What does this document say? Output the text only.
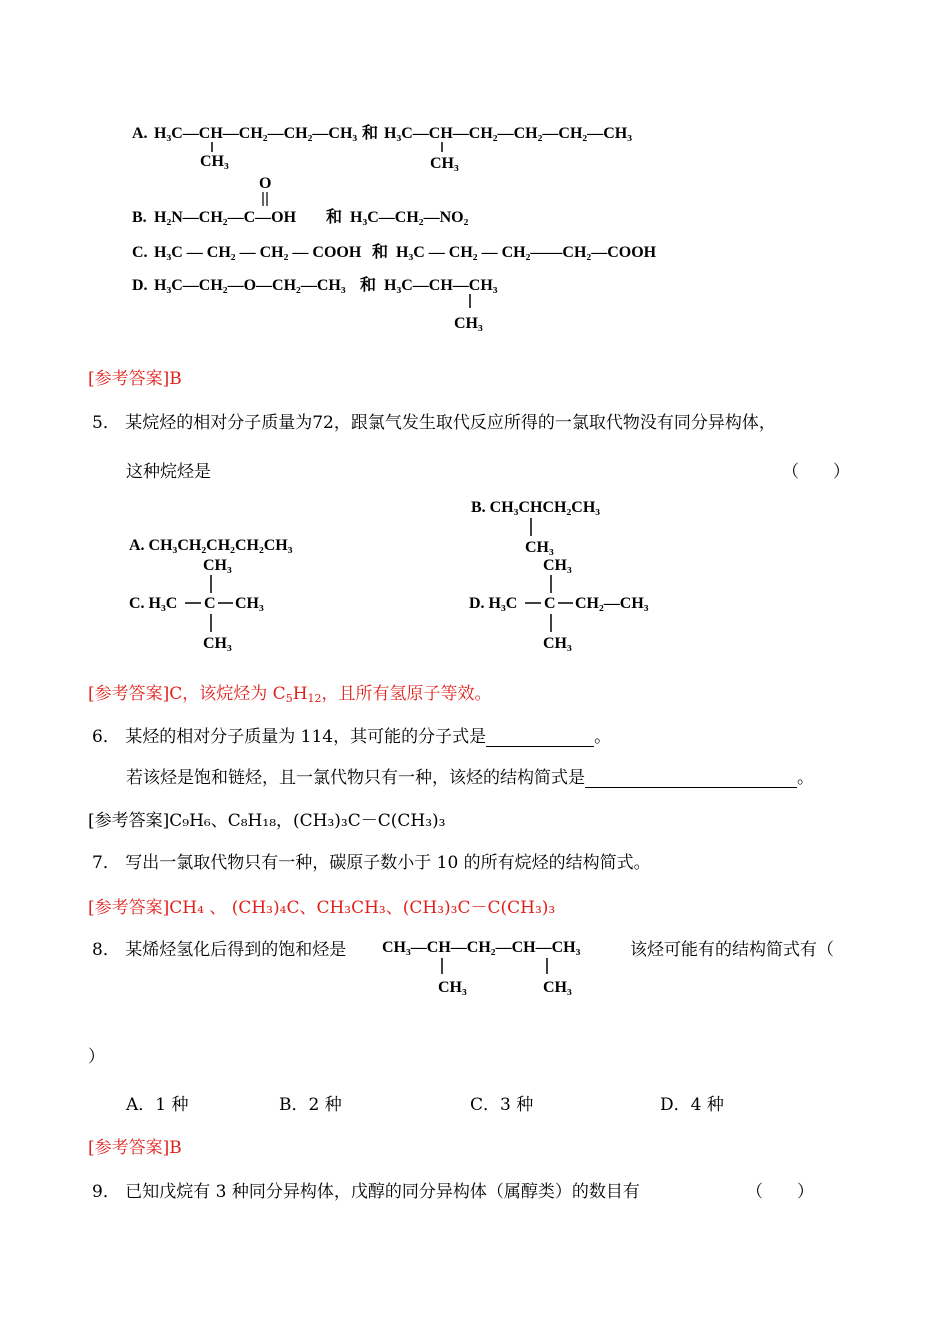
A. H₃C—CH—CH₂—CH₂—CH₃ 和 H₃C—CH—CH₂—CH₂—CH₂—CH₃
CH₃	CH₃
O
B. H₂N—CH₂—C—OH 和 H₃C—CH₂—NO₂
C. H₃C — CH₂ — CH₂ — COOH 和 H₃C — CH₂ — CH₂——CH₂—COOH
D. H₃C—CH₂—O—CH₂—CH₃ 和 H₃C—CH—CH₃
CH₃
[参考答案]B
5． 某烷烃的相对分子质量为72，跟氯气发生取代反应所得的一氯取代物没有同分异构体，
这种烷烃是	（　　）
A. CH₃CH₂CH₂CH₂CH₃
B. CH₃CHCH₂CH₃
CH₃
CH₃
C. H₃C C CH₃
CH₃
CH₃
D. H₃C C CH₂—CH₃
CH₃
[参考答案]C，该烷烃为 $C_5H_{12}$，且所有氢原子等效。
6． 某烃的相对分子质量为 114，其可能的分子式是	。
若该烃是饱和链烃，且一氯代物只有一种，该烃的结构简式是	。
[参考答案]C₉H₆、C₈H₁₈，(CH₃)₃C－C(CH₃)₃
7． 写出一氯取代物只有一种，碳原子数小于 10 的所有烷烃的结构简式。
[参考答案]CH₄ 、 (CH₃)₄C、CH₃CH₃、(CH₃)₃C－C(CH₃)₃
8． 某烯烃氢化后得到的饱和烃是 CH₃—CH—CH₂—CH—CH₃
CH₃	CH₃
该烃可能有的结构简式有（
）
A．1 种	B．2 种	C．3 种	D．4 种
[参考答案]B
9． 已知戊烷有 3 种同分异构体，戊醇的同分异构体（属醇类）的数目有	（　　）
